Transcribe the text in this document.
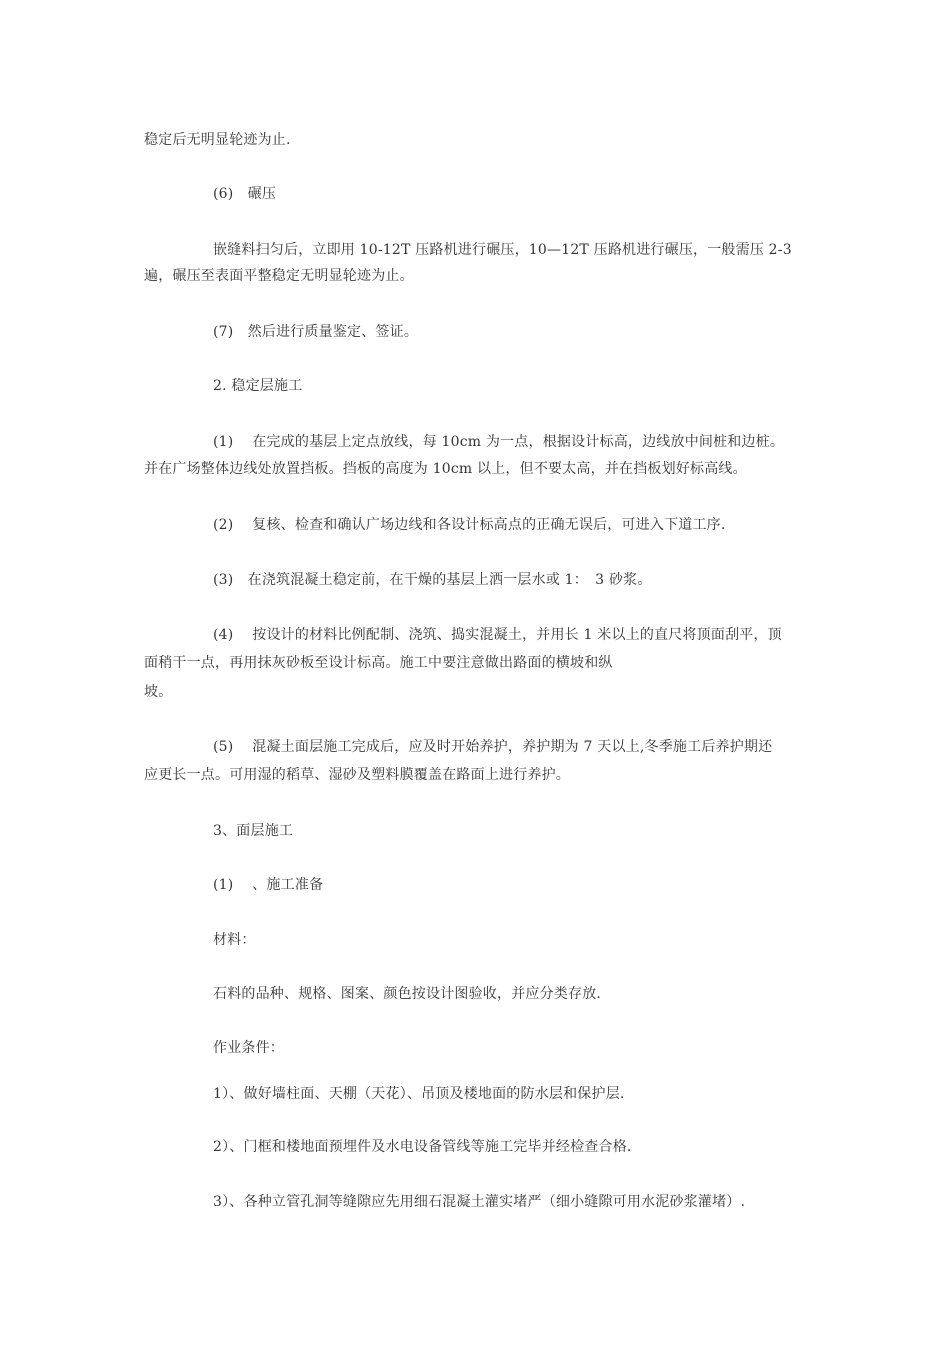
稳定后无明显轮迹为止.
(6)　碾压
嵌缝料扫匀后，立即用 10-12T 压路机进行碾压，10—12T 压路机进行碾压，一般需压 2-3
遍，碾压至表面平整稳定无明显轮迹为止。
(7)　然后进行质量鉴定、签证。
2. 稳定层施工
(1)　 在完成的基层上定点放线，每 10cm 为一点，根据设计标高，边线放中间桩和边桩。
并在广场整体边线处放置挡板。挡板的高度为 10cm 以上，但不要太高，并在挡板划好标高线。
(2)　 复核、检查和确认广场边线和各设计标高点的正确无误后，可进入下道工序.
(3)　在浇筑混凝土稳定前，在干燥的基层上洒一层水或 1：　3 砂浆。
(4)　 按设计的材料比例配制、浇筑、捣实混凝土，并用长 1 米以上的直尺将顶面刮平，顶
面稍干一点，再用抹灰砂板至设计标高。施工中要注意做出路面的横坡和纵
坡。
(5)　 混凝土面层施工完成后，应及时开始养护，养护期为 7 天以上,冬季施工后养护期还
应更长一点。可用湿的稻草、湿砂及塑料膜覆盖在路面上进行养护。
3、面层施工
(1)　 、施工准备
材料：
石料的品种、规格、图案、颜色按设计图验收，并应分类存放.
作业条件：
1）、做好墙柱面、天棚（天花）、吊顶及楼地面的防水层和保护层.
2）、门框和楼地面预埋件及水电设备管线等施工完毕并经检查合格.
3）、各种立管孔洞等缝隙应先用细石混凝土灌实堵严（细小缝隙可用水泥砂浆灌堵）.
